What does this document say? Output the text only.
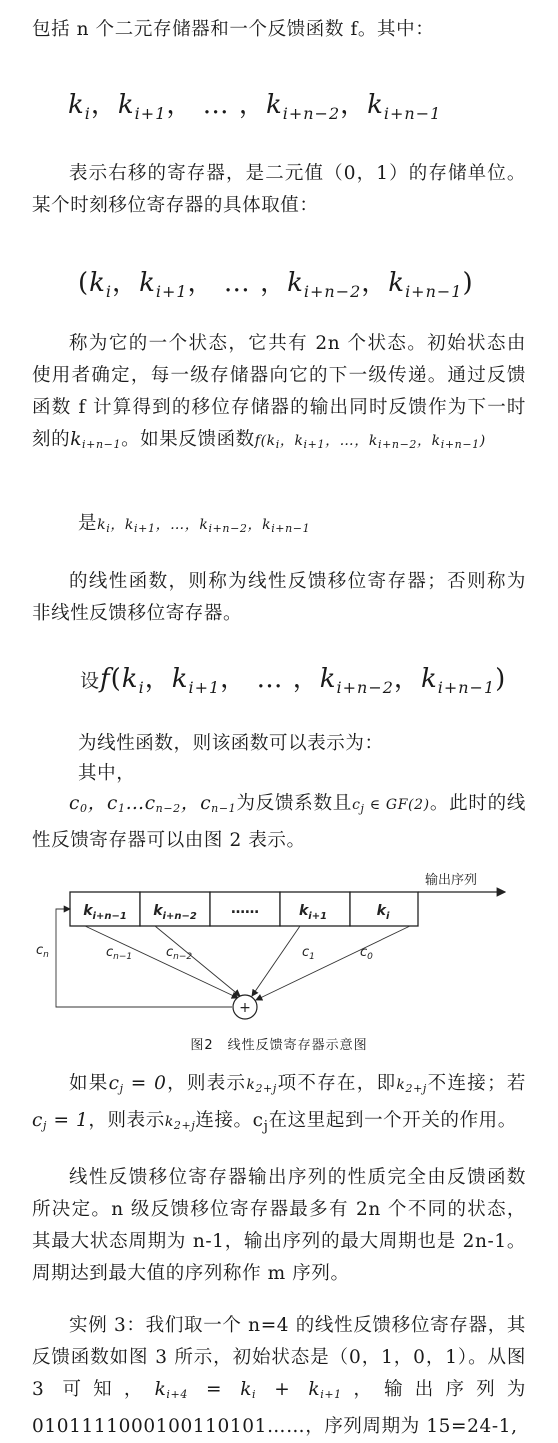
包括 n 个二元存储器和一个反馈函数 f。其中：
$k_i$，$k_{i+1}$， … ，$k_{i+n-2}$，$k_{i+n-1}$
表示右移的寄存器，是二元值（0，1）的存储单位。某个时刻移位寄存器的具体取值：
($k_i$，$k_{i+1}$， … ，$k_{i+n-2}$，$k_{i+n-1}$)
称为它的一个状态，它共有 2n 个状态。初始状态由使用者确定，每一级存储器向它的下一级传递。通过反馈函数 f 计算得到的移位存储器的输出同时反馈作为下一时刻的$k_{i+n-1}$。如果反馈函数$f(k_i$，$k_{i+1}$，…，$k_{i+n-2}$，$k_{i+n-1}$)
是$k_i$，$k_{i+1}$，…，$k_{i+n-2}$，$k_{i+n-1}$
的线性函数，则称为线性反馈移位寄存器；否则称为非线性反馈移位寄存器。
设$f(k_i$，$k_{i+1}$， … ，$k_{i+n-2}$，$k_{i+n-1}$)
为线性函数，则该函数可以表示为：
其中，
$c_0$，$c_1\dots c_{n-2}$，$c_{n-1}$为反馈系数且$c_j$ ∈ GF(2)。此时的线性反馈寄存器可以由图 2 表示。
$k_{i+n-1}$ $k_{i+n-2}$ ……	$k_{i+1}$	$k_i$
输出序列
+
$c_n$	$c_{n-1}$	$c_{n-2}$	$c_1$	$c_0$
图2　线性反馈寄存器示意图
如果$c_j = 0$，则表示$k_{2+j}$项不存在，即$k_{2+j}$不连接；若$c_j = 1$，则表示$k_{2+j}$连接。$c_j$在这里起到一个开关的作用。
线性反馈移位寄存器输出序列的性质完全由反馈函数所决定。n 级反馈移位寄存器最多有 2n 个不同的状态，其最大状态周期为 n-1，输出序列的最大周期也是 2n-1。周期达到最大值的序列称作 m 序列。
实例 3：我们取一个 n=4 的线性反馈移位寄存器，其反馈函数如图 3 所示，初始状态是（0，1，0，1）。从图 3 可知，$k_{i+4} = k_i + k_{i+1}$，输出序列为 0101111000100110101……，序列周期为 15=24-1,
